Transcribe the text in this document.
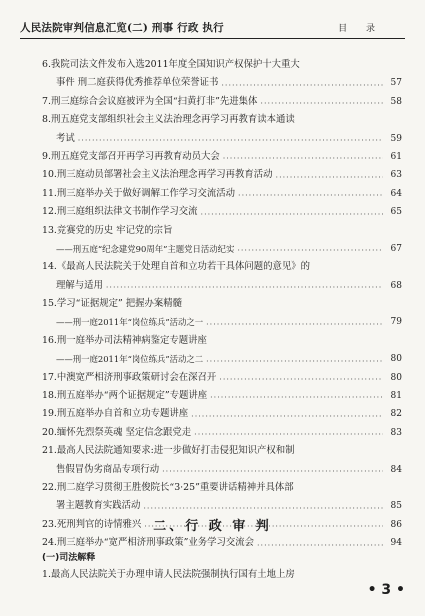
人民法院审判信息汇览(二) 刑事 行政 执行	目 录
6.我院司法文件发布入选2011年度全国知识产权保护十大重大
事件 刑二庭获得优秀推荐单位荣誉证书 ·····	57
7.刑三庭综合会议庭被评为全国“扫黄打非”先进集体 ·····	58
8.刑五庭党支部组织社会主义法治理念再学习再教育读本通读
考试 ·····	59
9.刑五庭党支部召开再学习再教育动员大会 ·····	61
10.刑三庭动员部署社会主义法治理念再学习再教育活动 ·····	63
11.刑三庭举办关于做好调解工作学习交流活动 ·····	64
12.刑三庭组织法律文书制作学习交流 ·····	65
13.竞赛党的历史 牢记党的宗旨
——刑五庭“纪念建党90周年”主题党日活动纪实 ·····	67
14.《最高人民法院关于处理自首和立功若干具体问题的意见》的
理解与适用 ·····	68
15.学习“证据规定” 把握办案精髓
——刑一庭2011年“岗位练兵”活动之一 ·····	79
16.刑一庭举办司法精神病鉴定专题讲座
——刑一庭2011年“岗位练兵”活动之二 ·····	80
17.中澳宽严相济刑事政策研讨会在深召开 ·····	80
18.刑五庭举办“两个证据规定”专题讲座 ·····	81
19.刑五庭举办自首和立功专题讲座 ·····	82
20.缅怀先烈祭英魂 坚定信念跟党走 ·····	83
21.最高人民法院通知要求:进一步做好打击侵犯知识产权和制
售假冒伪劣商品专项行动 ·····	84
22.刑二庭学习贯彻王胜俊院长“3·25”重要讲话精神并具体部
署主题教育实践活动 ·····	85
23.死刑判官的诗情雅兴 ·····	86
24.刑三庭举办“宽严相济刑事政策”业务学习交流会 ·····	94
二、行 政 审 判
(一)司法解释
1.最高人民法院关于办理申请人民法院强制执行国有土地上房
• 3 •
